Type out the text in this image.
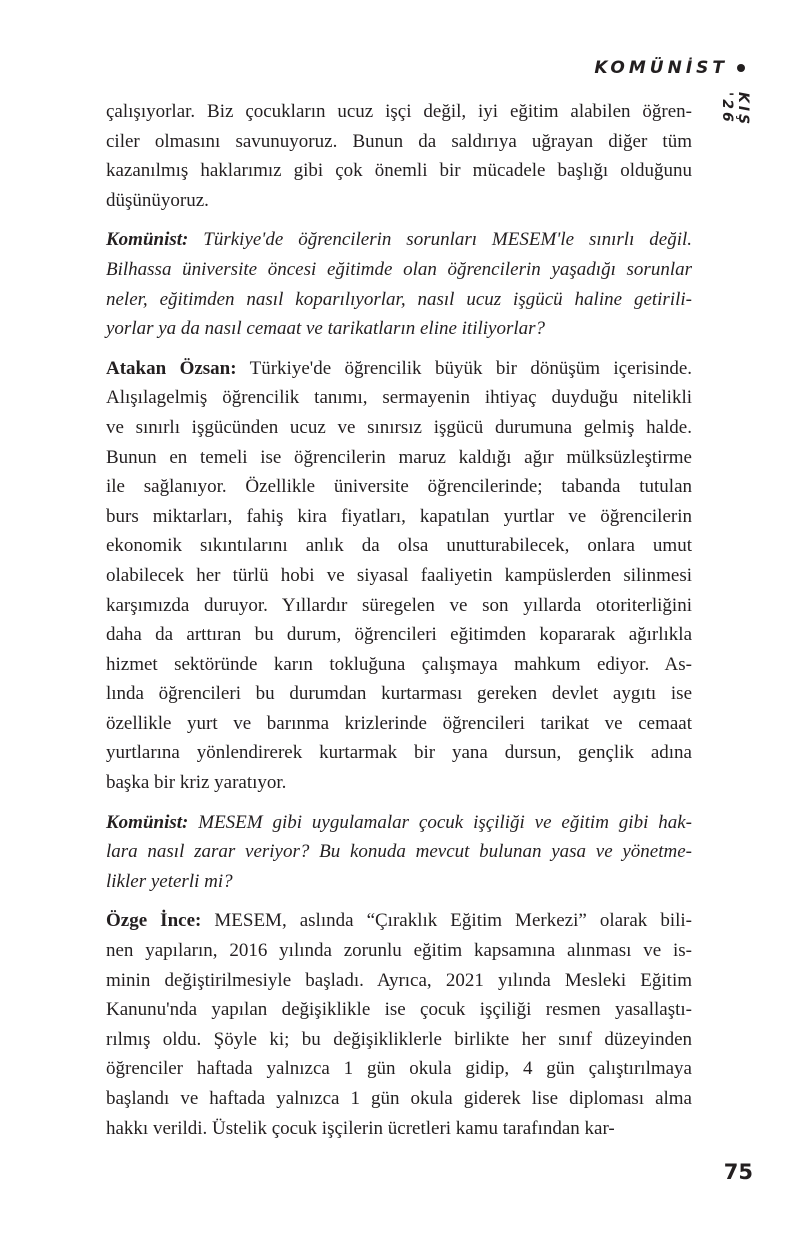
KOMÜNİST
KIŞ '26

çalışıyorlar. Biz çocukların ucuz işçi değil, iyi eğitim alabilen öğren-
ciler olmasını savunuyoruz. Bunun da saldırıya uğrayan diğer tüm
kazanılmış haklarımız gibi çok önemli bir mücadele başlığı olduğunu
düşünüyoruz.

Komünist: Türkiye'de öğrencilerin sorunları MESEM'le sınırlı değil.
Bilhassa üniversite öncesi eğitimde olan öğrencilerin yaşadığı sorunlar
neler, eğitimden nasıl koparılıyorlar, nasıl ucuz işgücü haline getirili-
yorlar ya da nasıl cemaat ve tarikatların eline itiliyorlar?

Atakan Özsan: Türkiye'de öğrencilik büyük bir dönüşüm içerisinde.
Alışılagelmiş öğrencilik tanımı, sermayenin ihtiyaç duyduğu nitelikli
ve sınırlı işgücünden ucuz ve sınırsız işgücü durumuna gelmiş halde.
Bunun en temeli ise öğrencilerin maruz kaldığı ağır mülksüzleştirme
ile sağlanıyor. Özellikle üniversite öğrencilerinde; tabanda tutulan
burs miktarları, fahiş kira fiyatları, kapatılan yurtlar ve öğrencilerin
ekonomik sıkıntılarını anlık da olsa unutturabilecek, onlara umut
olabilecek her türlü hobi ve siyasal faaliyetin kampüslerden silinmesi
karşımızda duruyor. Yıllardır süregelen ve son yıllarda otoriterliğini
daha da arttıran bu durum, öğrencileri eğitimden kopararak ağırlıkla
hizmet sektöründe karın tokluğuna çalışmaya mahkum ediyor. As-
lında öğrencileri bu durumdan kurtarması gereken devlet aygıtı ise
özellikle yurt ve barınma krizlerinde öğrencileri tarikat ve cemaat
yurtlarına yönlendirerek kurtarmak bir yana dursun, gençlik adına
başka bir kriz yaratıyor.

Komünist: MESEM gibi uygulamalar çocuk işçiliği ve eğitim gibi hak-
lara nasıl zarar veriyor? Bu konuda mevcut bulunan yasa ve yönetme-
likler yeterli mi?

Özge İnce: MESEM, aslında “Çıraklık Eğitim Merkezi” olarak bili-
nen yapıların, 2016 yılında zorunlu eğitim kapsamına alınması ve is-
minin değiştirilmesiyle başladı. Ayrıca, 2021 yılında Mesleki Eğitim
Kanunu'nda yapılan değişiklikle ise çocuk işçiliği resmen yasallaştı-
rılmış oldu. Şöyle ki; bu değişikliklerle birlikte her sınıf düzeyinden
öğrenciler haftada yalnızca 1 gün okula gidip, 4 gün çalıştırılmaya
başlandı ve haftada yalnızca 1 gün okula giderek lise diploması alma
hakkı verildi. Üstelik çocuk işçilerin ücretleri kamu tarafından kar-

75
